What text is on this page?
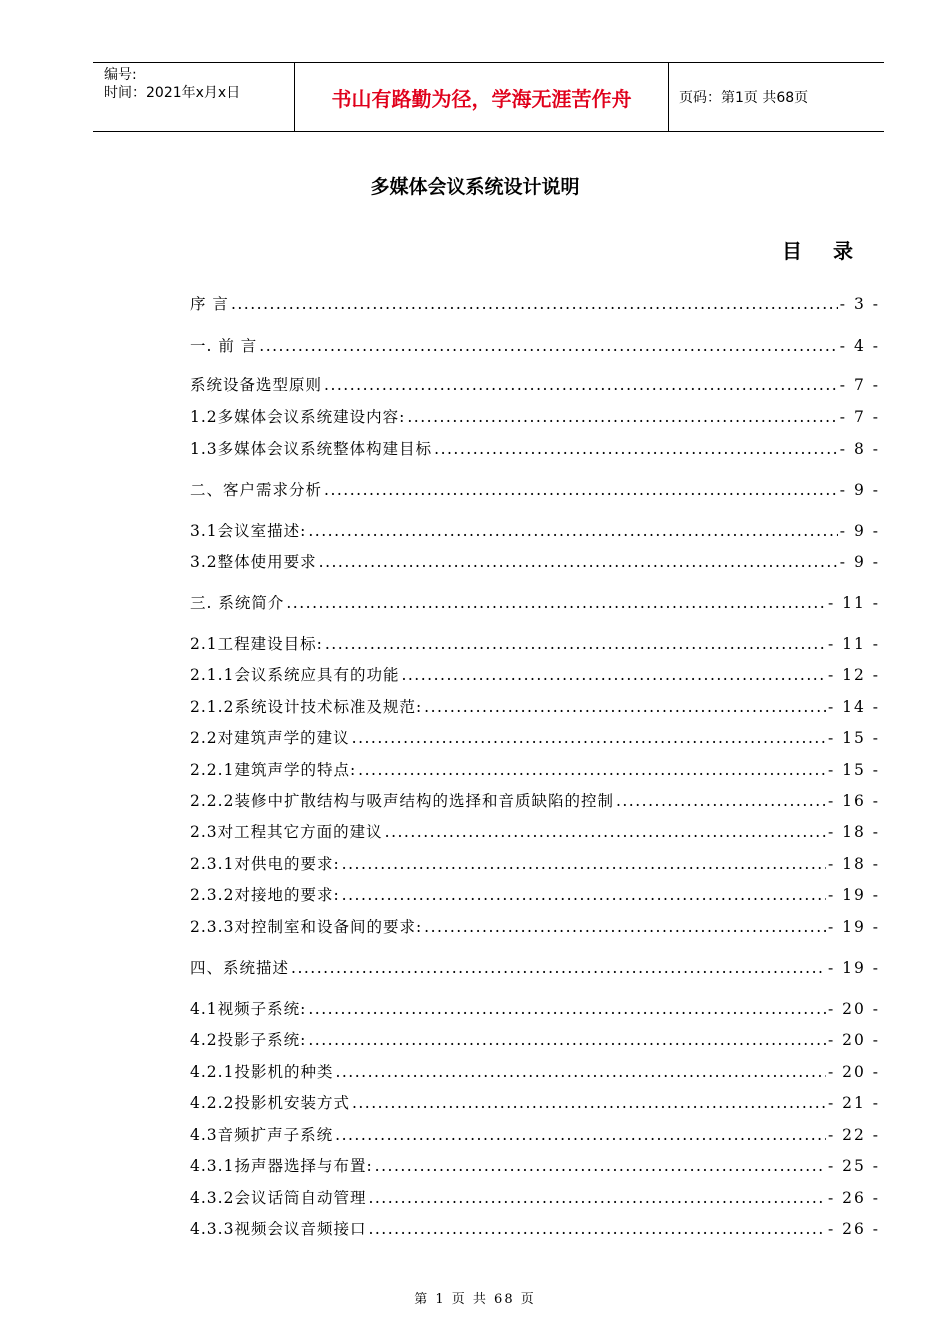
编号:
时间：2021年x月x日	书山有路勤为径，学海无涯苦作舟	页码：第1页 共68页
多媒体会议系统设计说明
目 录
序 言 .....	- 3 -
一. 前 言 .....	- 4 -
系统设备选型原则 .....	- 7 -
1.2多媒体会议系统建设内容: .....	- 7 -
1.3多媒体会议系统整体构建目标 .....	- 8 -
二、客户需求分析 .....	- 9 -
3.1会议室描述: .....	- 9 -
3.2整体使用要求 .....	- 9 -
三. 系统简介 .....	- 11 -
2.1工程建设目标: .....	- 11 -
2.1.1会议系统应具有的功能 .....	- 12 -
2.1.2系统设计技术标准及规范: .....	- 14 -
2.2对建筑声学的建议 .....	- 15 -
2.2.1建筑声学的特点: .....	- 15 -
2.2.2装修中扩散结构与吸声结构的选择和音质缺陷的控制 .....	- 16 -
2.3对工程其它方面的建议 .....	- 18 -
2.3.1对供电的要求: .....	- 18 -
2.3.2对接地的要求: .....	- 19 -
2.3.3对控制室和设备间的要求: .....	- 19 -
四、系统描述 .....	- 19 -
4.1视频子系统: .....	- 20 -
4.2投影子系统: .....	- 20 -
4.2.1投影机的种类 .....	- 20 -
4.2.2投影机安装方式 .....	- 21 -
4.3音频扩声子系统 .....	- 22 -
4.3.1扬声器选择与布置: .....	- 25 -
4.3.2会议话筒自动管理 .....	- 26 -
4.3.3视频会议音频接口 .....	- 26 -
第 1 页 共 68 页
